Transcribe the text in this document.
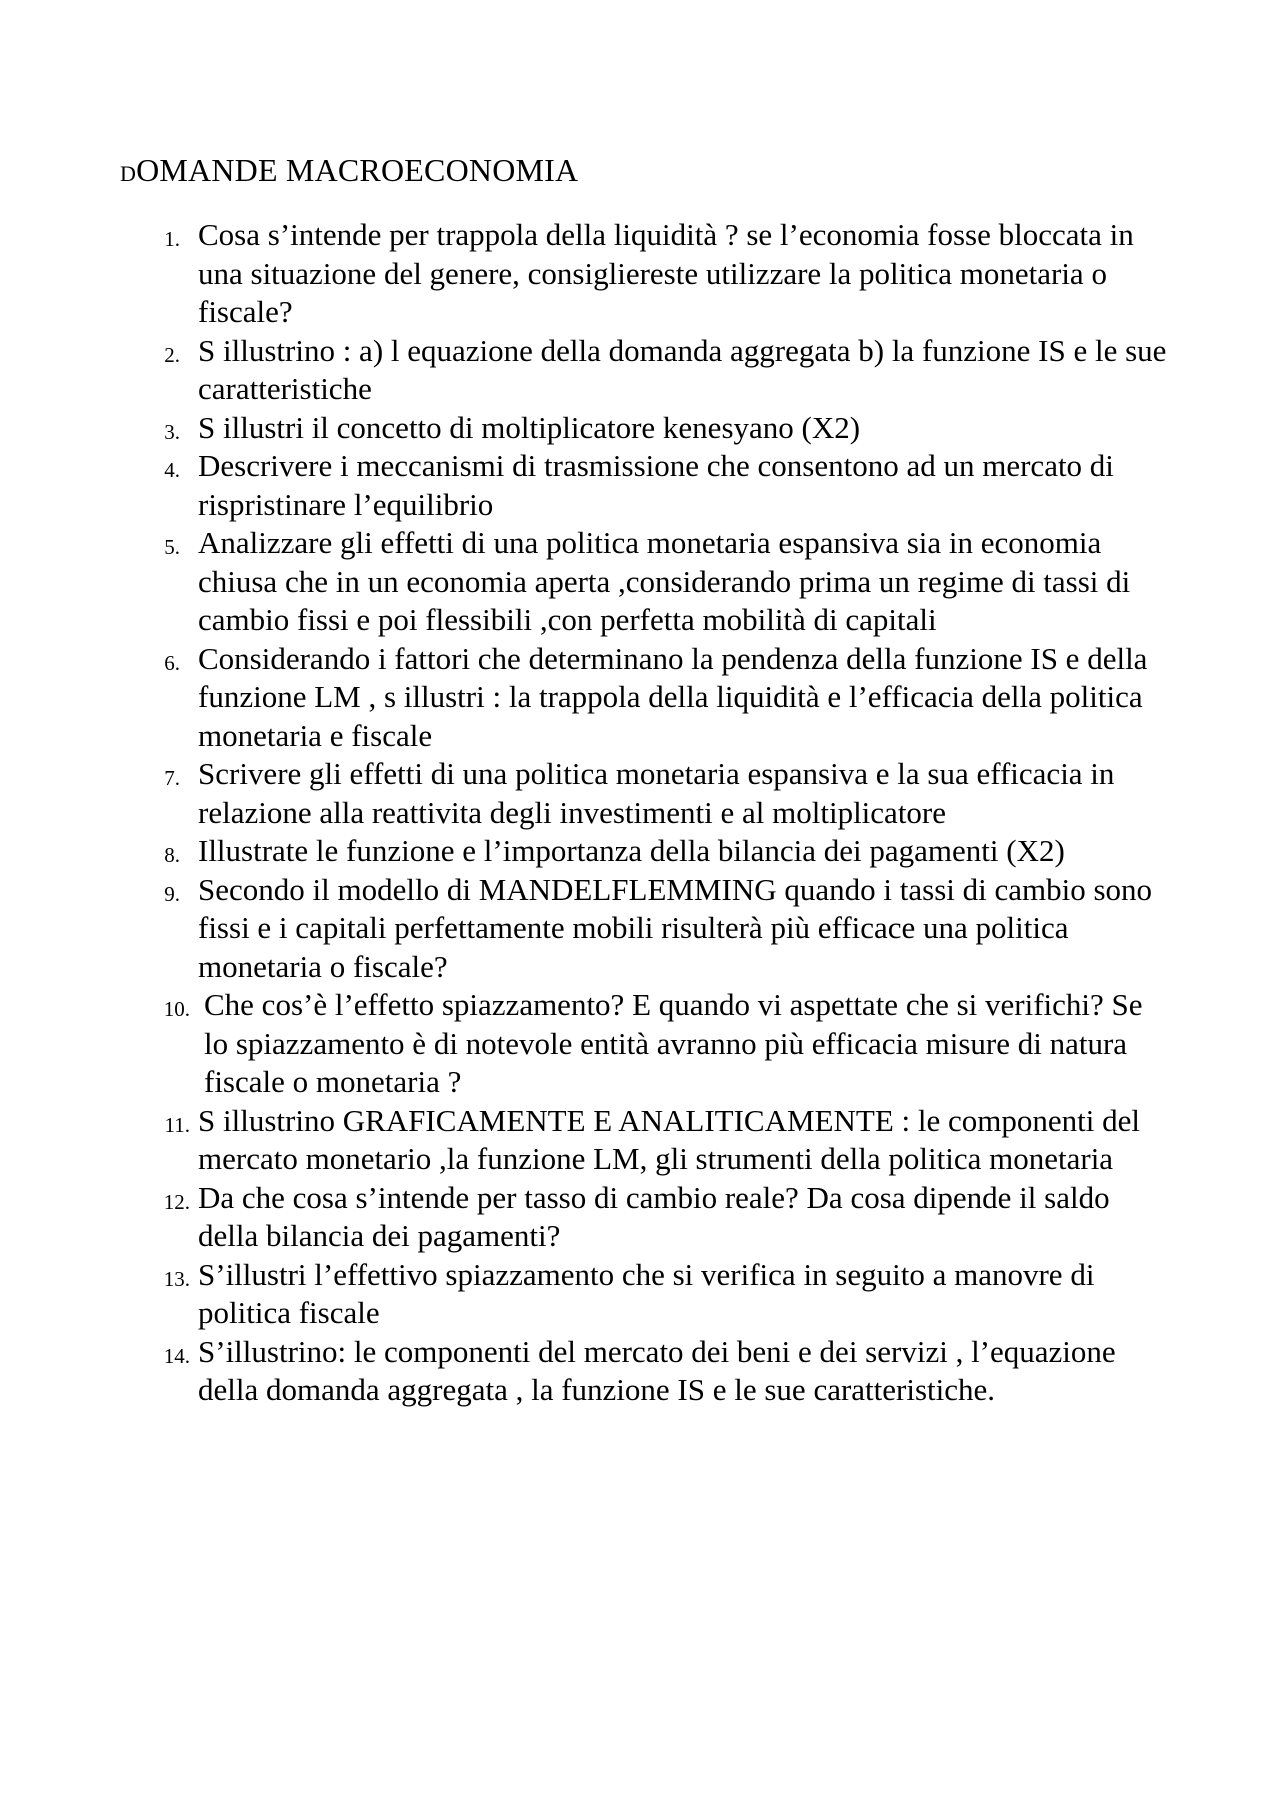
DOMANDE MACROECONOMIA
1. Cosa s’intende per trappola della liquidità ? se l’economia fosse bloccata in una situazione del genere, consigliereste utilizzare la politica monetaria o fiscale?
2. S illustrino : a) l equazione della domanda aggregata b) la funzione IS e le sue caratteristiche
3. S illustri il concetto di moltiplicatore kenesyano (X2)
4. Descrivere i meccanismi di trasmissione che consentono ad un mercato di rispristinare l’equilibrio
5. Analizzare gli effetti di una politica monetaria espansiva sia in economia chiusa che in un economia aperta ,considerando prima un regime di tassi di cambio fissi e poi flessibili ,con perfetta mobilità di capitali
6. Considerando i fattori che determinano la pendenza della funzione IS e della funzione LM , s illustri : la trappola della liquidità e l’efficacia della politica monetaria e fiscale
7. Scrivere gli effetti di una politica monetaria espansiva e la sua efficacia in relazione alla reattivita degli investimenti e al moltiplicatore
8. Illustrate le funzione e l’importanza della bilancia dei pagamenti (X2)
9. Secondo il modello di MANDELFLEMMING quando i tassi di cambio sono fissi e i capitali perfettamente mobili risulterà più efficace una politica monetaria o fiscale?
10. Che cos’è l’effetto spiazzamento? E quando vi aspettate che si verifichi? Se lo spiazzamento è di notevole entità avranno più efficacia misure di natura fiscale o monetaria ?
11. S illustrino GRAFICAMENTE E ANALITICAMENTE : le componenti del mercato monetario ,la funzione LM, gli strumenti della politica monetaria
12. Da che cosa s’intende per tasso di cambio reale? Da cosa dipende il saldo della bilancia dei pagamenti?
13. S’illustri l’effettivo spiazzamento che si verifica in seguito a manovre di politica fiscale
14. S’illustrino: le componenti del mercato dei beni e dei servizi , l’equazione della domanda aggregata , la funzione IS e le sue caratteristiche.
